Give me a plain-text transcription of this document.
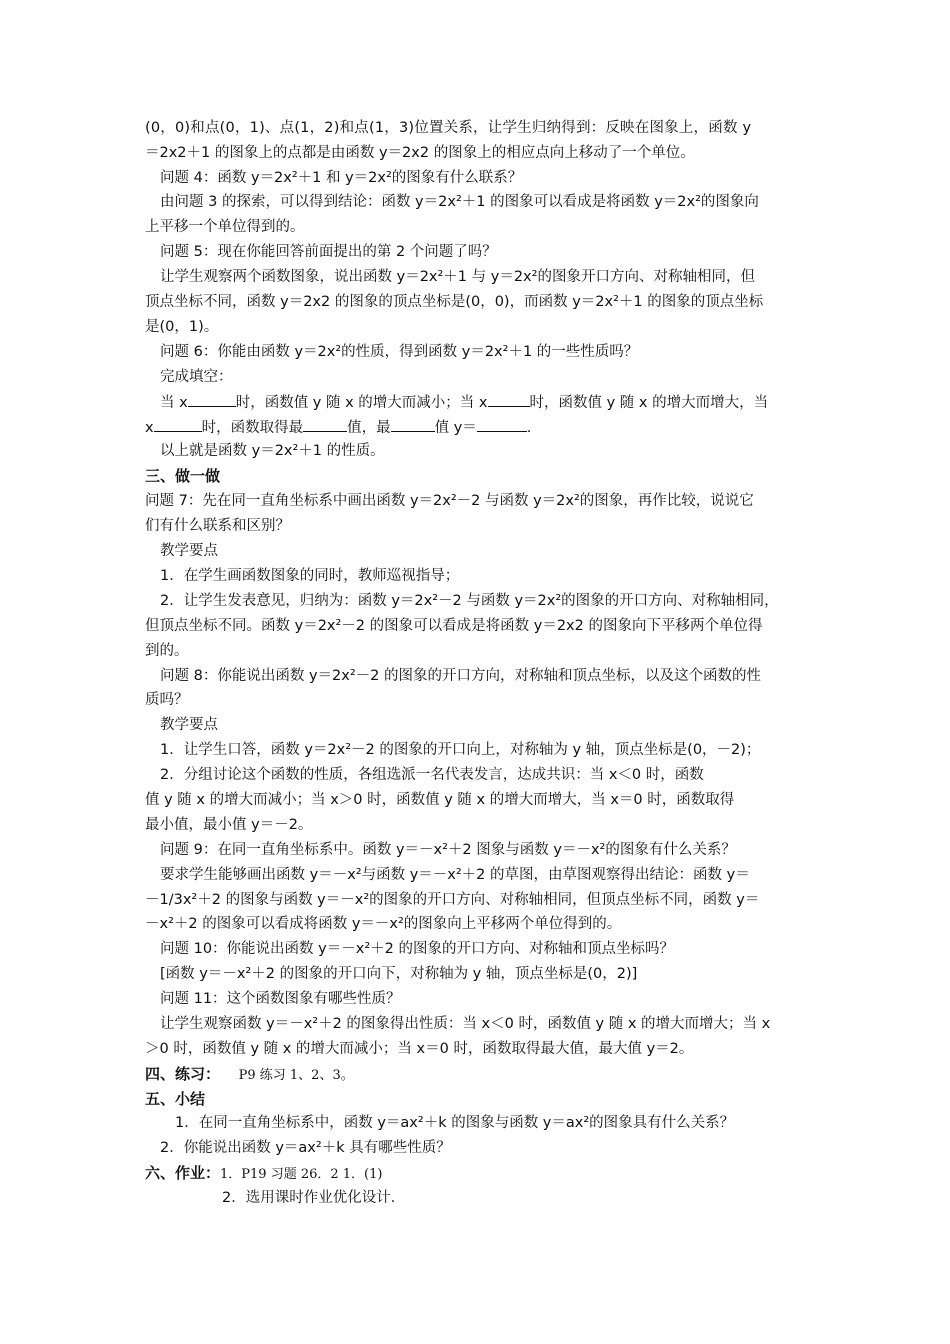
(0，0)和点(0，1)、点(1，2)和点(1，3)位置关系，让学生归纳得到：反映在图象上，函数 y
＝2x2＋1 的图象上的点都是由函数 y＝2x2 的图象上的相应点向上移动了一个单位。
问题 4：函数 y＝2x²＋1 和 y＝2x²的图象有什么联系？
由问题 3 的探索，可以得到结论：函数 y＝2x²＋1 的图象可以看成是将函数 y＝2x²的图象向
上平移一个单位得到的。
问题 5：现在你能回答前面提出的第 2 个问题了吗？
让学生观察两个函数图象，说出函数 y＝2x²＋1 与 y＝2x²的图象开口方向、对称轴相同，但
顶点坐标不同，函数 y＝2x2 的图象的顶点坐标是(0，0)，而函数 y＝2x²＋1 的图象的顶点坐标
是(0，1)。
问题 6：你能由函数 y＝2x²的性质，得到函数 y＝2x²＋1 的一些性质吗？
完成填空：
当 x	时，函数值 y 随 x 的增大而减小；当 x	时，函数值 y 随 x 的增大而增大，当
x	时，函数取得最	值，最	值 y＝	.
以上就是函数 y＝2x²＋1 的性质。
三、做一做
问题 7：先在同一直角坐标系中画出函数 y＝2x²－2 与函数 y＝2x²的图象，再作比较，说说它
们有什么联系和区别？
教学要点
1．在学生画函数图象的同时，教师巡视指导；
2．让学生发表意见，归纳为：函数 y＝2x²－2 与函数 y＝2x²的图象的开口方向、对称轴相同，
但顶点坐标不同。函数 y＝2x²－2 的图象可以看成是将函数 y＝2x2 的图象向下平移两个单位得
到的。
问题 8：你能说出函数 y＝2x²－2 的图象的开口方向，对称轴和顶点坐标，以及这个函数的性
质吗？
教学要点
1．让学生口答，函数 y＝2x²－2 的图象的开口向上，对称轴为 y 轴，顶点坐标是(0，－2)；
2．分组讨论这个函数的性质，各组选派一名代表发言，达成共识：当 x＜0 时，函数
值 y 随 x 的增大而减小；当 x＞0 时，函数值 y 随 x 的增大而增大，当 x＝0 时，函数取得
最小值，最小值 y＝－2。
问题 9：在同一直角坐标系中。函数 y＝－x²＋2 图象与函数 y＝－x²的图象有什么关系？
要求学生能够画出函数 y＝－x²与函数 y＝－x²＋2 的草图，由草图观察得出结论：函数 y＝
－1/3x²＋2 的图象与函数 y＝－x²的图象的开口方向、对称轴相同，但顶点坐标不同，函数 y＝
－x²＋2 的图象可以看成将函数 y＝－x²的图象向上平移两个单位得到的。
问题 10：你能说出函数 y＝－x²＋2 的图象的开口方向、对称轴和顶点坐标吗？
[函数 y＝－x²＋2 的图象的开口向下，对称轴为 y 轴，顶点坐标是(0，2)]
问题 11：这个函数图象有哪些性质？
让学生观察函数 y＝－x²＋2 的图象得出性质：当 x＜0 时，函数值 y 随 x 的增大而增大；当 x
＞0 时，函数值 y 随 x 的增大而减小；当 x＝0 时，函数取得最大值，最大值 y＝2。
四、练习： P9 练习 1、2、3。
五、小结
1．在同一直角坐标系中，函数 y＝ax²＋k 的图象与函数 y＝ax²的图象具有什么关系？
2．你能说出函数 y＝ax²＋k 具有哪些性质？
六、作业：1．P19 习题 26．2 1．(1)
2．选用课时作业优化设计．
